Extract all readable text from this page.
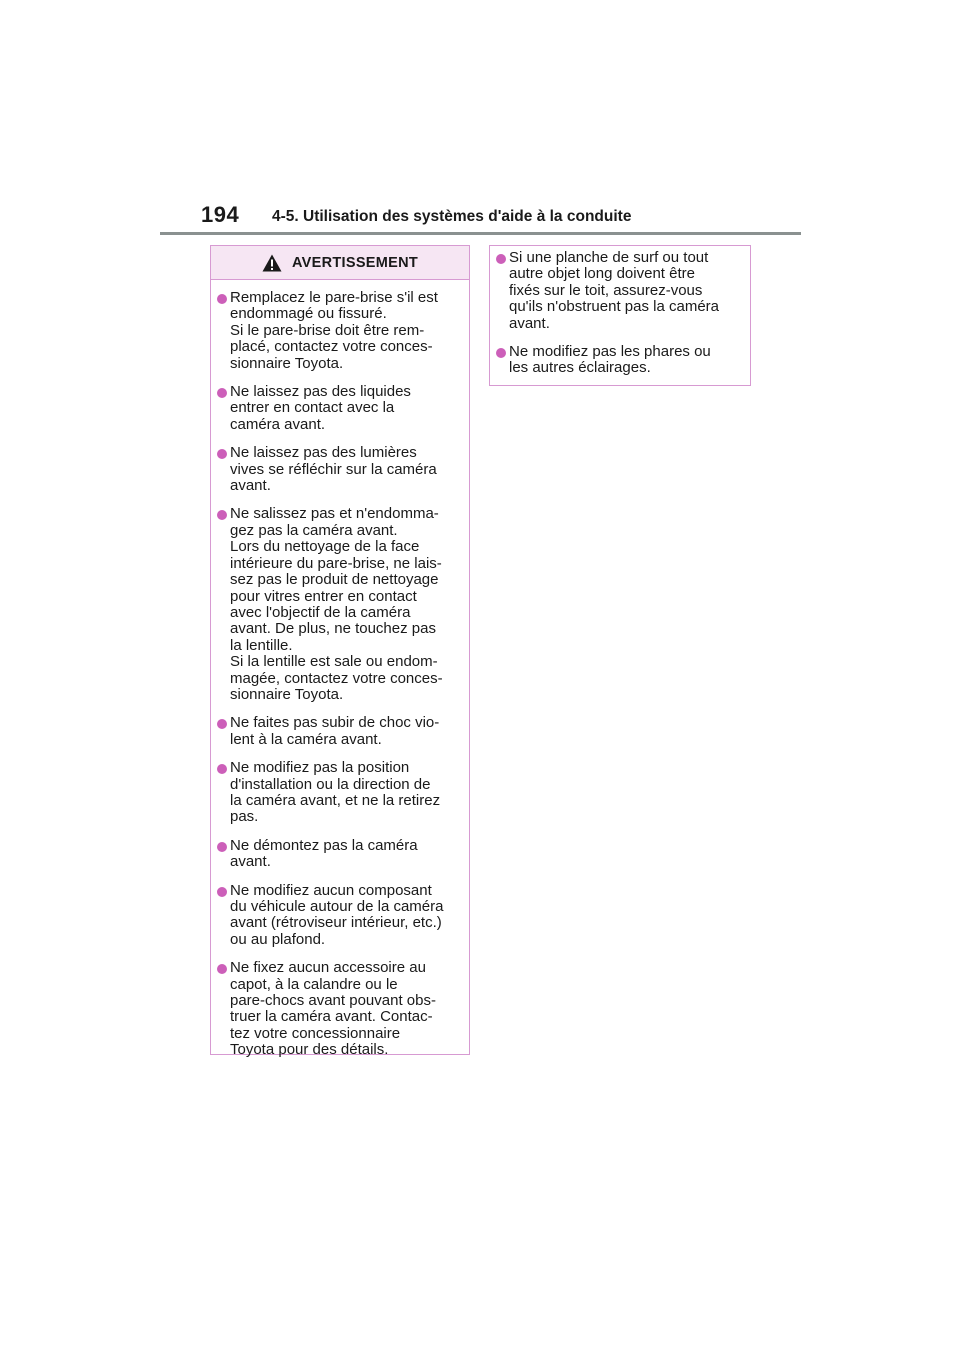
194 4-5. Utilisation des systèmes d'aide à la conduite
AVERTISSEMENT
Remplacez le pare-brise s'il est
endommagé ou fissuré.
Si le pare-brise doit être rem-
placé, contactez votre conces-
sionnaire Toyota.
Ne laissez pas des liquides
entrer en contact avec la
caméra avant.
Ne laissez pas des lumières
vives se réfléchir sur la caméra
avant.
Ne salissez pas et n'endomma-
gez pas la caméra avant.
Lors du nettoyage de la face
intérieure du pare-brise, ne lais-
sez pas le produit de nettoyage
pour vitres entrer en contact
avec l'objectif de la caméra
avant. De plus, ne touchez pas
la lentille.
Si la lentille est sale ou endom-
magée, contactez votre conces-
sionnaire Toyota.
Ne faites pas subir de choc vio-
lent à la caméra avant.
Ne modifiez pas la position
d'installation ou la direction de
la caméra avant, et ne la retirez
pas.
Ne démontez pas la caméra
avant.
Ne modifiez aucun composant
du véhicule autour de la caméra
avant (rétroviseur intérieur, etc.)
ou au plafond.
Ne fixez aucun accessoire au
capot, à la calandre ou le
pare-chocs avant pouvant obs-
truer la caméra avant. Contac-
tez votre concessionnaire
Toyota pour des détails.
Si une planche de surf ou tout
autre objet long doivent être
fixés sur le toit, assurez-vous
qu'ils n'obstruent pas la caméra
avant.
Ne modifiez pas les phares ou
les autres éclairages.
